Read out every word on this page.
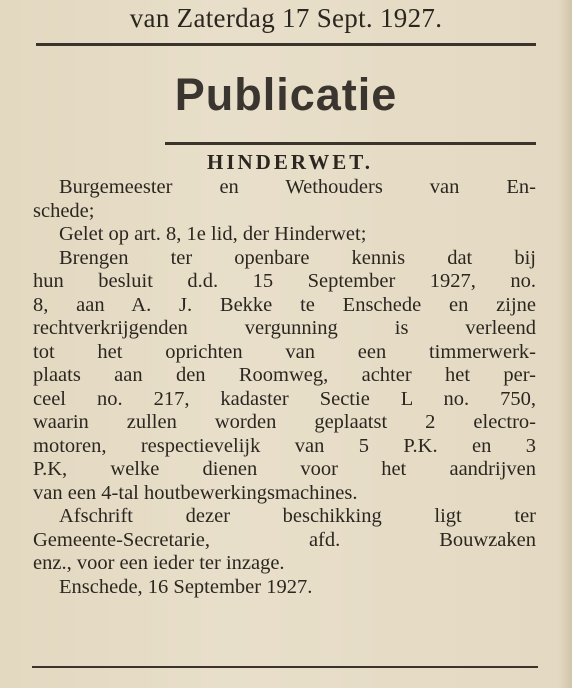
van Zaterdag 17 Sept. 1927.
Publicatie
HINDERWET.
Burgemeester en Wethouders van En-
schede;
Gelet op art. 8, 1e lid, der Hinderwet;
Brengen ter openbare kennis dat bij
hun besluit d.d. 15 September 1927, no.
8, aan A. J. Bekke te Enschede en zijne
rechtverkrijgenden vergunning is verleend
tot het oprichten van een timmerwerk-
plaats aan den Roomweg, achter het per-
ceel no. 217, kadaster Sectie L no. 750,
waarin zullen worden geplaatst 2 electro-
motoren, respectievelijk van 5 P.K. en 3
P.K, welke dienen voor het aandrijven
van een 4-tal houtbewerkingsmachines.
Afschrift dezer beschikking ligt ter
Gemeente-Secretarie, afd. Bouwzaken
enz., voor een ieder ter inzage.
Enschede, 16 September 1927.
